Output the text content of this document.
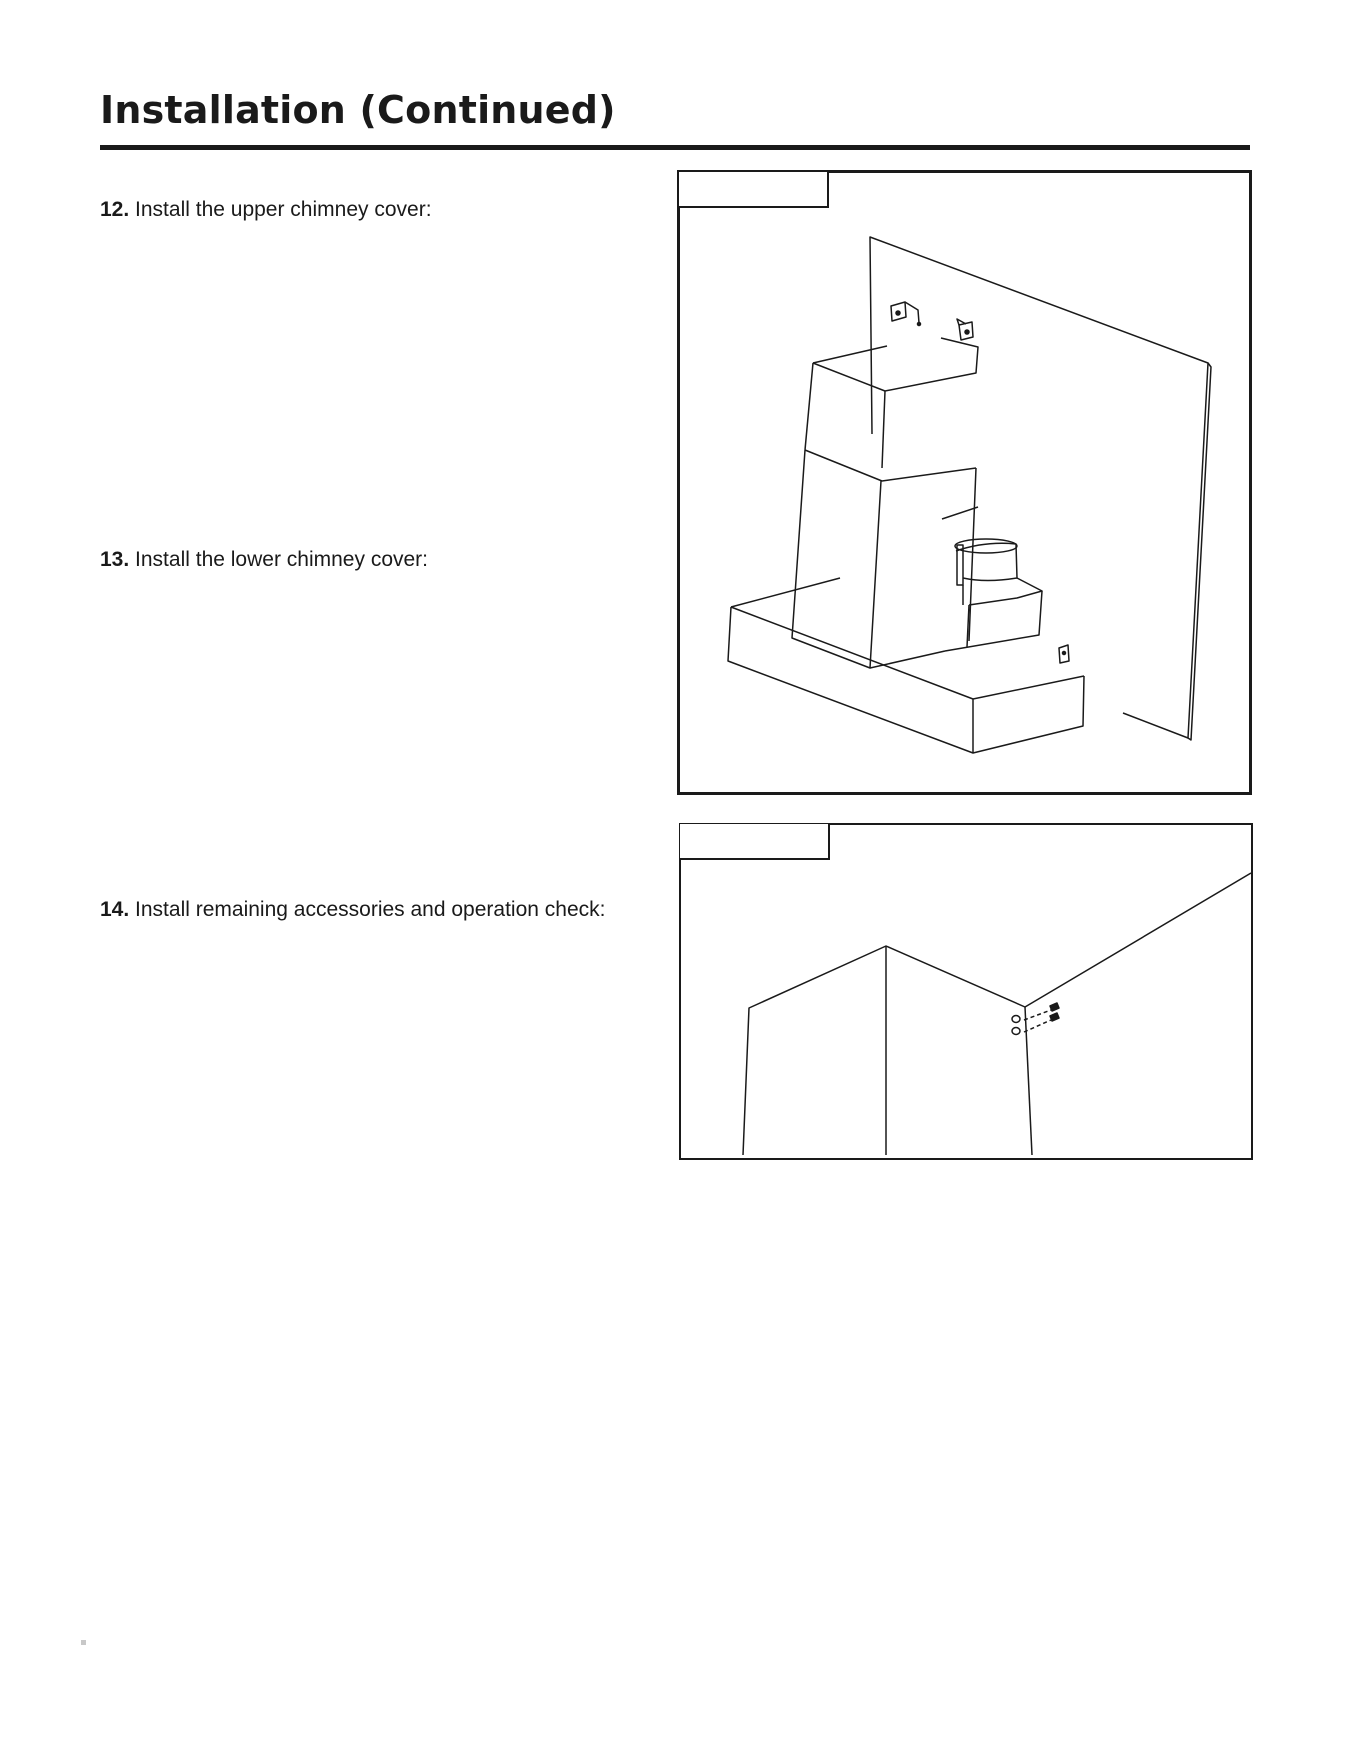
Installation (Continued)

12. Install the upper chimney cover:

13. Install the lower chimney cover:

14. Install remaining accessories and operation check:
